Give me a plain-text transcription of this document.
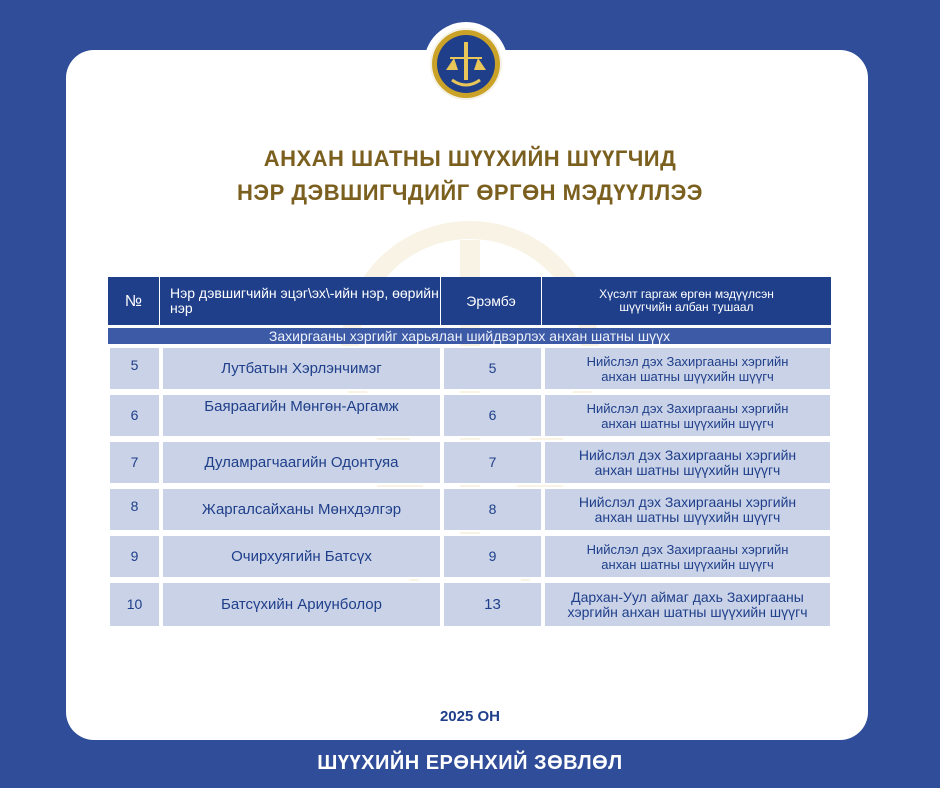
АНХАН ШАТНЫ ШҮҮХИЙН ШҮҮГЧИД
НЭР ДЭВШИГЧДИЙГ ӨРГӨН МЭДҮҮЛЛЭЭ
№	Нэр дэвшигчийн эцэг\эх\-ийн нэр, өөрийн нэр	Эрэмбэ	Хүсэлт гаргаж өргөн мэдүүлсэн шүүгчийн албан тушаал
Захиргааны хэргийг харьялан шийдвэрлэх анхан шатны шүүх
5	Лутбатын Хэрлэнчимэг	5	Нийслэл дэх Захиргааны хэргийн анхан шатны шүүхийн шүүгч
6	Баяраагийн Мөнгөн-Аргамж	6	Нийслэл дэх Захиргааны хэргийн анхан шатны шүүхийн шүүгч
7	Дуламрагчаагийн Одонтуяа	7	Нийслэл дэх Захиргааны хэргийн анхан шатны шүүхийн шүүгч
8	Жаргалсайханы Мөнхдэлгэр	8	Нийслэл дэх Захиргааны хэргийн анхан шатны шүүхийн шүүгч
9	Очирхуягийн Батсүх	9	Нийслэл дэх Захиргааны хэргийн анхан шатны шүүхийн шүүгч
10	Батсүхийн Ариунболор	13	Дархан-Уул аймаг дахь Захиргааны хэргийн анхан шатны шүүхийн шүүгч
2025 ОН
ШҮҮХИЙН ЕРӨНХИЙ ЗӨВЛӨЛ
